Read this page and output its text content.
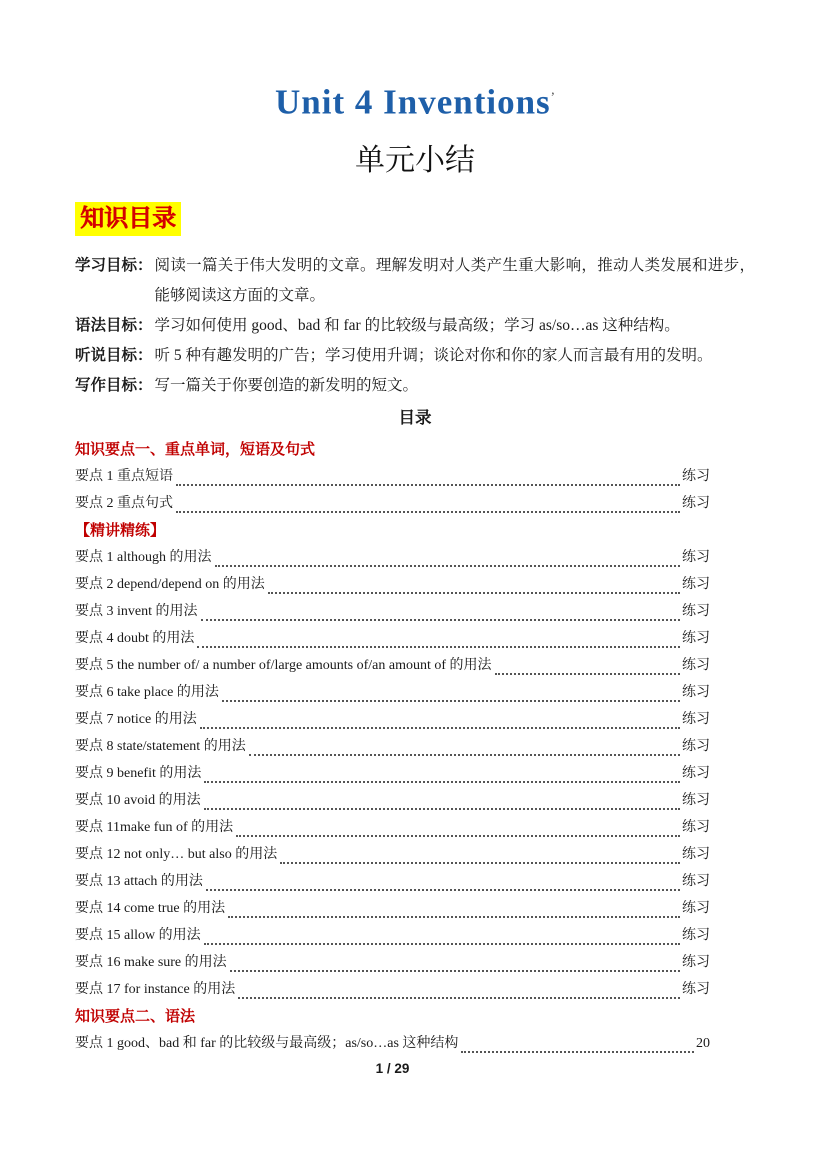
Unit 4 Inventions’
单元小结
知识目录
学习目标： 阅读一篇关于伟大发明的文章。理解发明对人类产生重大影响，推动人类发展和进步，能够阅读这方面的文章。
语法目标： 学习如何使用 good、bad 和 far 的比较级与最高级；学习 as/so…as 这种结构。
听说目标： 听 5 种有趣发明的广告；学习使用升调；谈论对你和你的家人而言最有用的发明。
写作目标： 写一篇关于你要创造的新发明的短文。
目录
知识要点一、重点单词，短语及句式
要点 1 重点短语	练习
要点 2 重点句式	练习
【精讲精练】
要点 1 although 的用法	练习
要点 2 depend/depend on 的用法	练习
要点 3 invent 的用法	练习
要点 4 doubt 的用法	练习
要点 5 the number of/ a number of/large amounts of/an amount of 的用法	练习
要点 6 take place 的用法	练习
要点 7 notice 的用法	练习
要点 8 state/statement 的用法	练习
要点 9 benefit 的用法	练习
要点 10 avoid 的用法	练习
要点 11make fun of 的用法	练习
要点 12 not only… but also 的用法	练习
要点 13 attach 的用法	练习
要点 14 come true 的用法	练习
要点 15 allow 的用法	练习
要点 16 make sure 的用法	练习
要点 17 for instance 的用法	练习
知识要点二、语法
要点 1 good、bad 和 far 的比较级与最高级；as/so…as 这种结构	20
1 / 29
